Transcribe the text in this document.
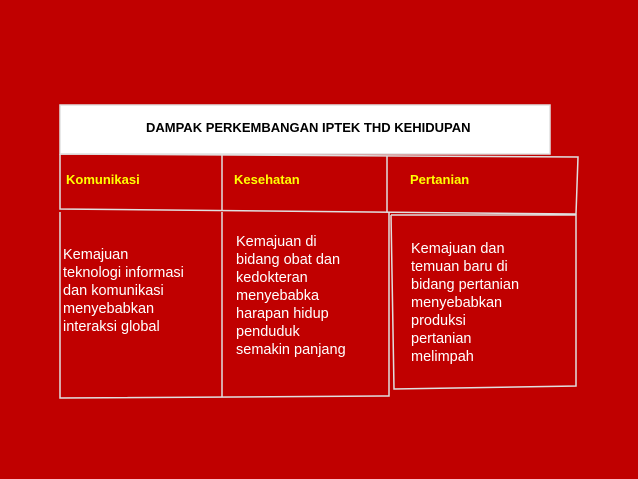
DAMPAK PERKEMBANGAN IPTEK THD KEHIDUPAN
Komunikasi	Kesehatan	Pertanian
Kemajuan
teknologi informasi
dan komunikasi
menyebabkan
interaksi global
Kemajuan di
bidang obat dan
kedokteran
menyebabka
harapan hidup
penduduk
semakin panjang
Kemajuan dan
temuan baru di
bidang pertanian
menyebabkan
produksi
pertanian
melimpah
